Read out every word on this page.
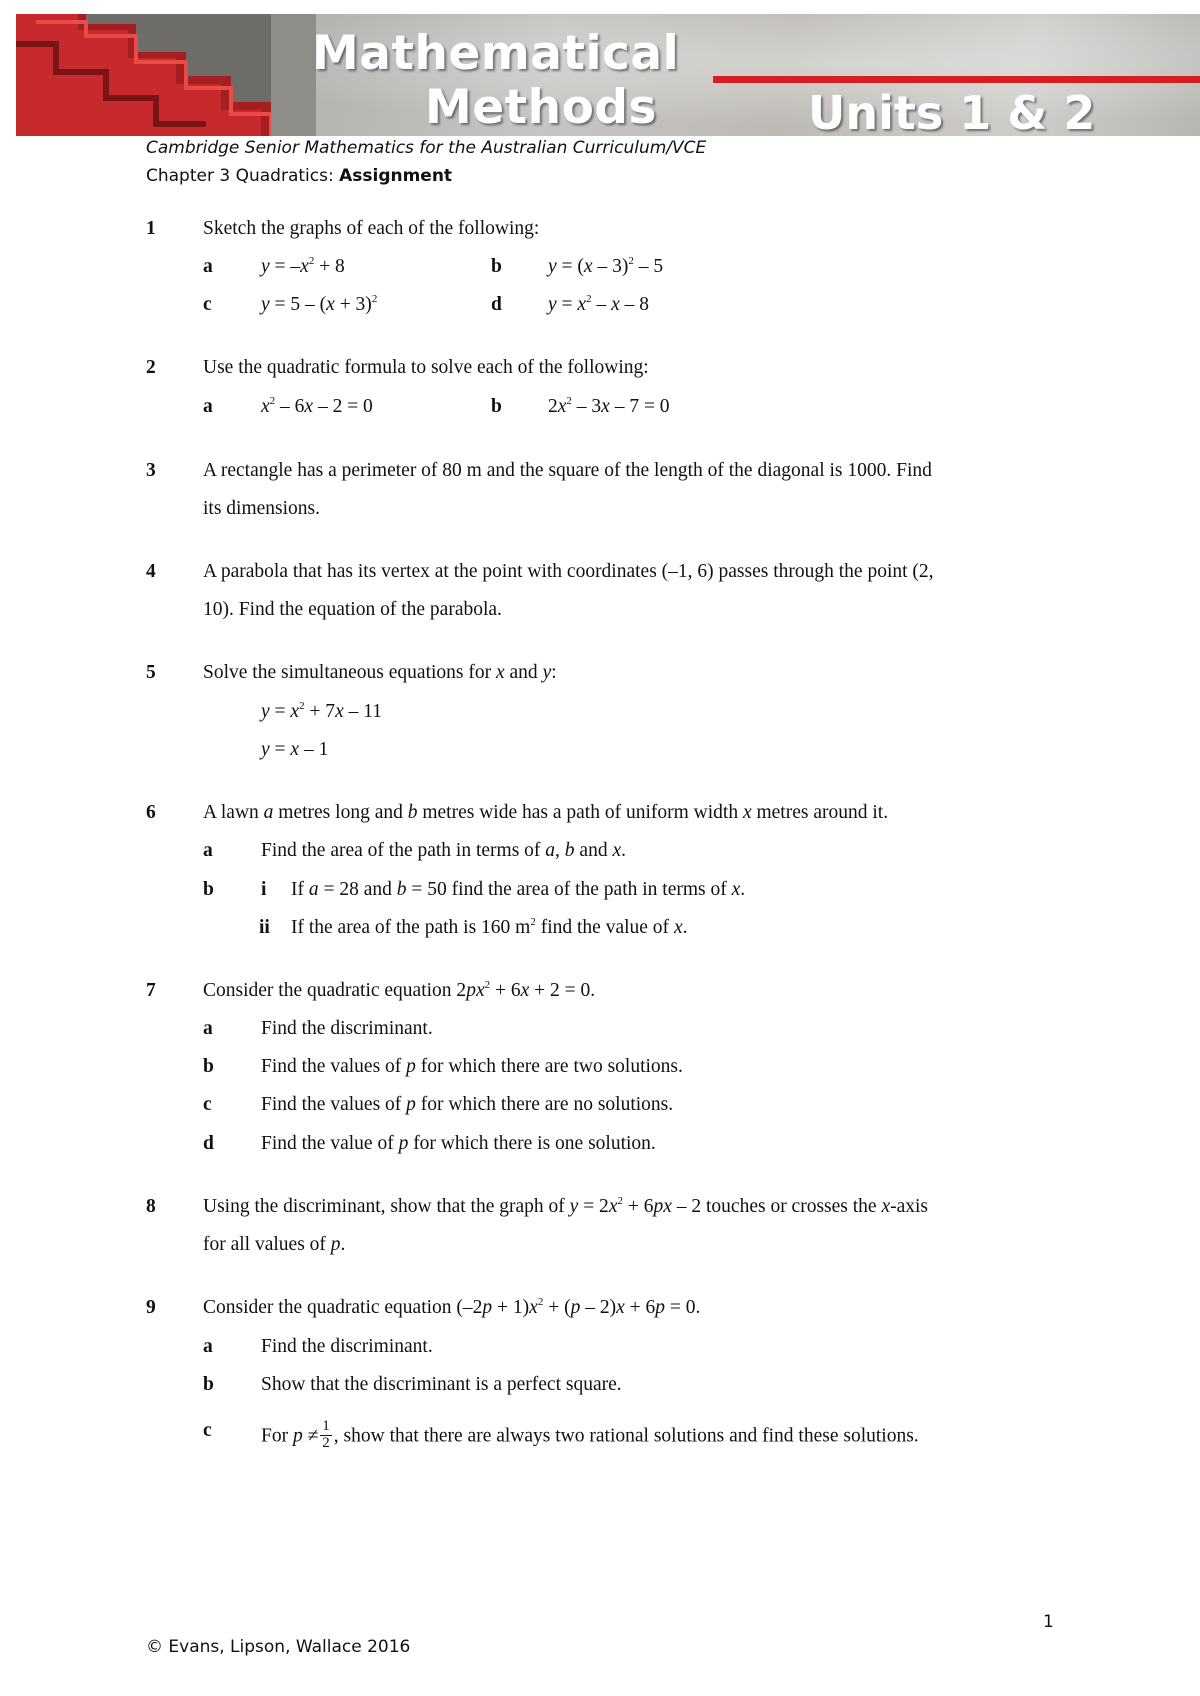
Mathematical
Methods	Units 1 & 2
Cambridge Senior Mathematics for the Australian Curriculum/VCE
Chapter 3 Quadratics: Assignment
1 Sketch the graphs of each of the following:
a $y = -x^2 + 8$	b y = (x – 3)$^2$ – 5
c	$y = 5 - (x + 3)^2$	d $y = x^2 - x - 8$
2 Use the quadratic formula to solve each of the following:
a $x^2 - 6x - 2 = 0$	b $2x^2 - 3x - 7 = 0$
3 A rectangle has a perimeter of 80 m and the square of the length of the diagonal is 1000. Find
its dimensions.
4 A parabola that has its vertex at the point with coordinates (–1, 6) passes through the point (2,
10). Find the equation of the parabola.
5 Solve the simultaneous equations for x and y:
$y = x^2 + 7x - 11$
y = x – 1
6 A lawn a metres long and b metres wide has a path of uniform width x metres around it.
a Find the area of the path in terms of a, b and x.
b i If a = 28 and b = 50 find the area of the path in terms of x.
ii If the area of the path is 160 $m^2$ find the value of x.
7 Consider the quadratic equation $2px^2 + 6x + 2 = 0$.
a Find the discriminant.
b Find the values of p for which there are two solutions.
c	Find the values of p for which there are no solutions.
d Find the value of p for which there is one solution.
8 Using the discriminant, show that the graph of $y = 2x^2 + 6px - 2$ touches or crosses the x-axis
for all values of p.
9 Consider the quadratic equation $(-2p + 1)x^2 + (p - 2)x + 6p = 0$.
a Find the discriminant.
b Show that the discriminant is a perfect square.
c	For $p \ne \frac{1}{2}$ , show that there are always two rational solutions and find these solutions.
1
© Evans, Lipson, Wallace 2016
